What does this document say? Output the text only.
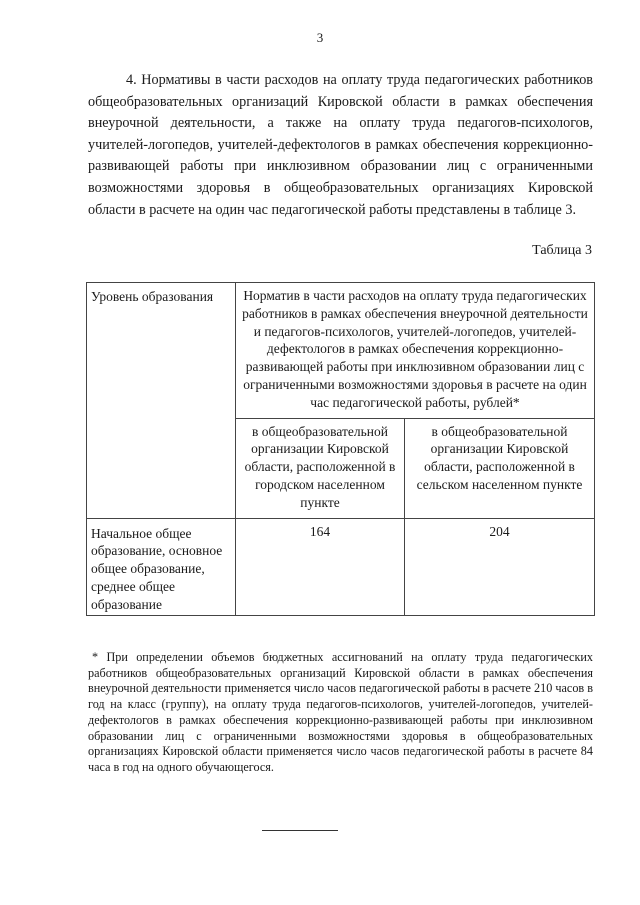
3

4. Нормативы в части расходов на оплату труда педагогических работников общеобразовательных организаций Кировской области в рамках обеспечения внеурочной деятельности, а также на оплату труда педагогов-психологов, учителей-логопедов, учителей-дефектологов в рамках обеспечения коррекционно-развивающей работы при инклюзивном образовании лиц с ограниченными возможностями здоровья в общеобразовательных организациях Кировской области в расчете на один час педагогической работы представлены в таблице 3.

Таблица 3
Уровень образования	Норматив в части расходов на оплату труда педагогических работников в рамках обеспечения внеурочной деятельности и педагогов-психологов, учителей-логопедов, учителей-дефектологов в рамках обеспечения коррекционно-развивающей работы при инклюзивном образовании лиц с ограниченными возможностями здоровья в расчете на один час педагогической работы, рублей*	
	в общеобразовательной организации Кировской области, расположенной в городском населенном пункте	в общеобразовательной организации Кировской области, расположенной в сельском населенном пункте
Начальное общее образование, основное общее образование, среднее общее образование	164	204

* При определении объемов бюджетных ассигнований на оплату труда педагогических работников общеобразовательных организаций Кировской области в рамках обеспечения внеурочной деятельности применяется число часов педагогической работы в расчете 210 часов в год на класс (группу), на оплату труда педагогов-психологов, учителей-логопедов, учителей-дефектологов в рамках обеспечения коррекционно-развивающей работы при инклюзивном образовании лиц с ограниченными возможностями здоровья в общеобразовательных организациях Кировской области применяется число часов педагогической работы в расчете 84 часа в год на одного обучающегося.
